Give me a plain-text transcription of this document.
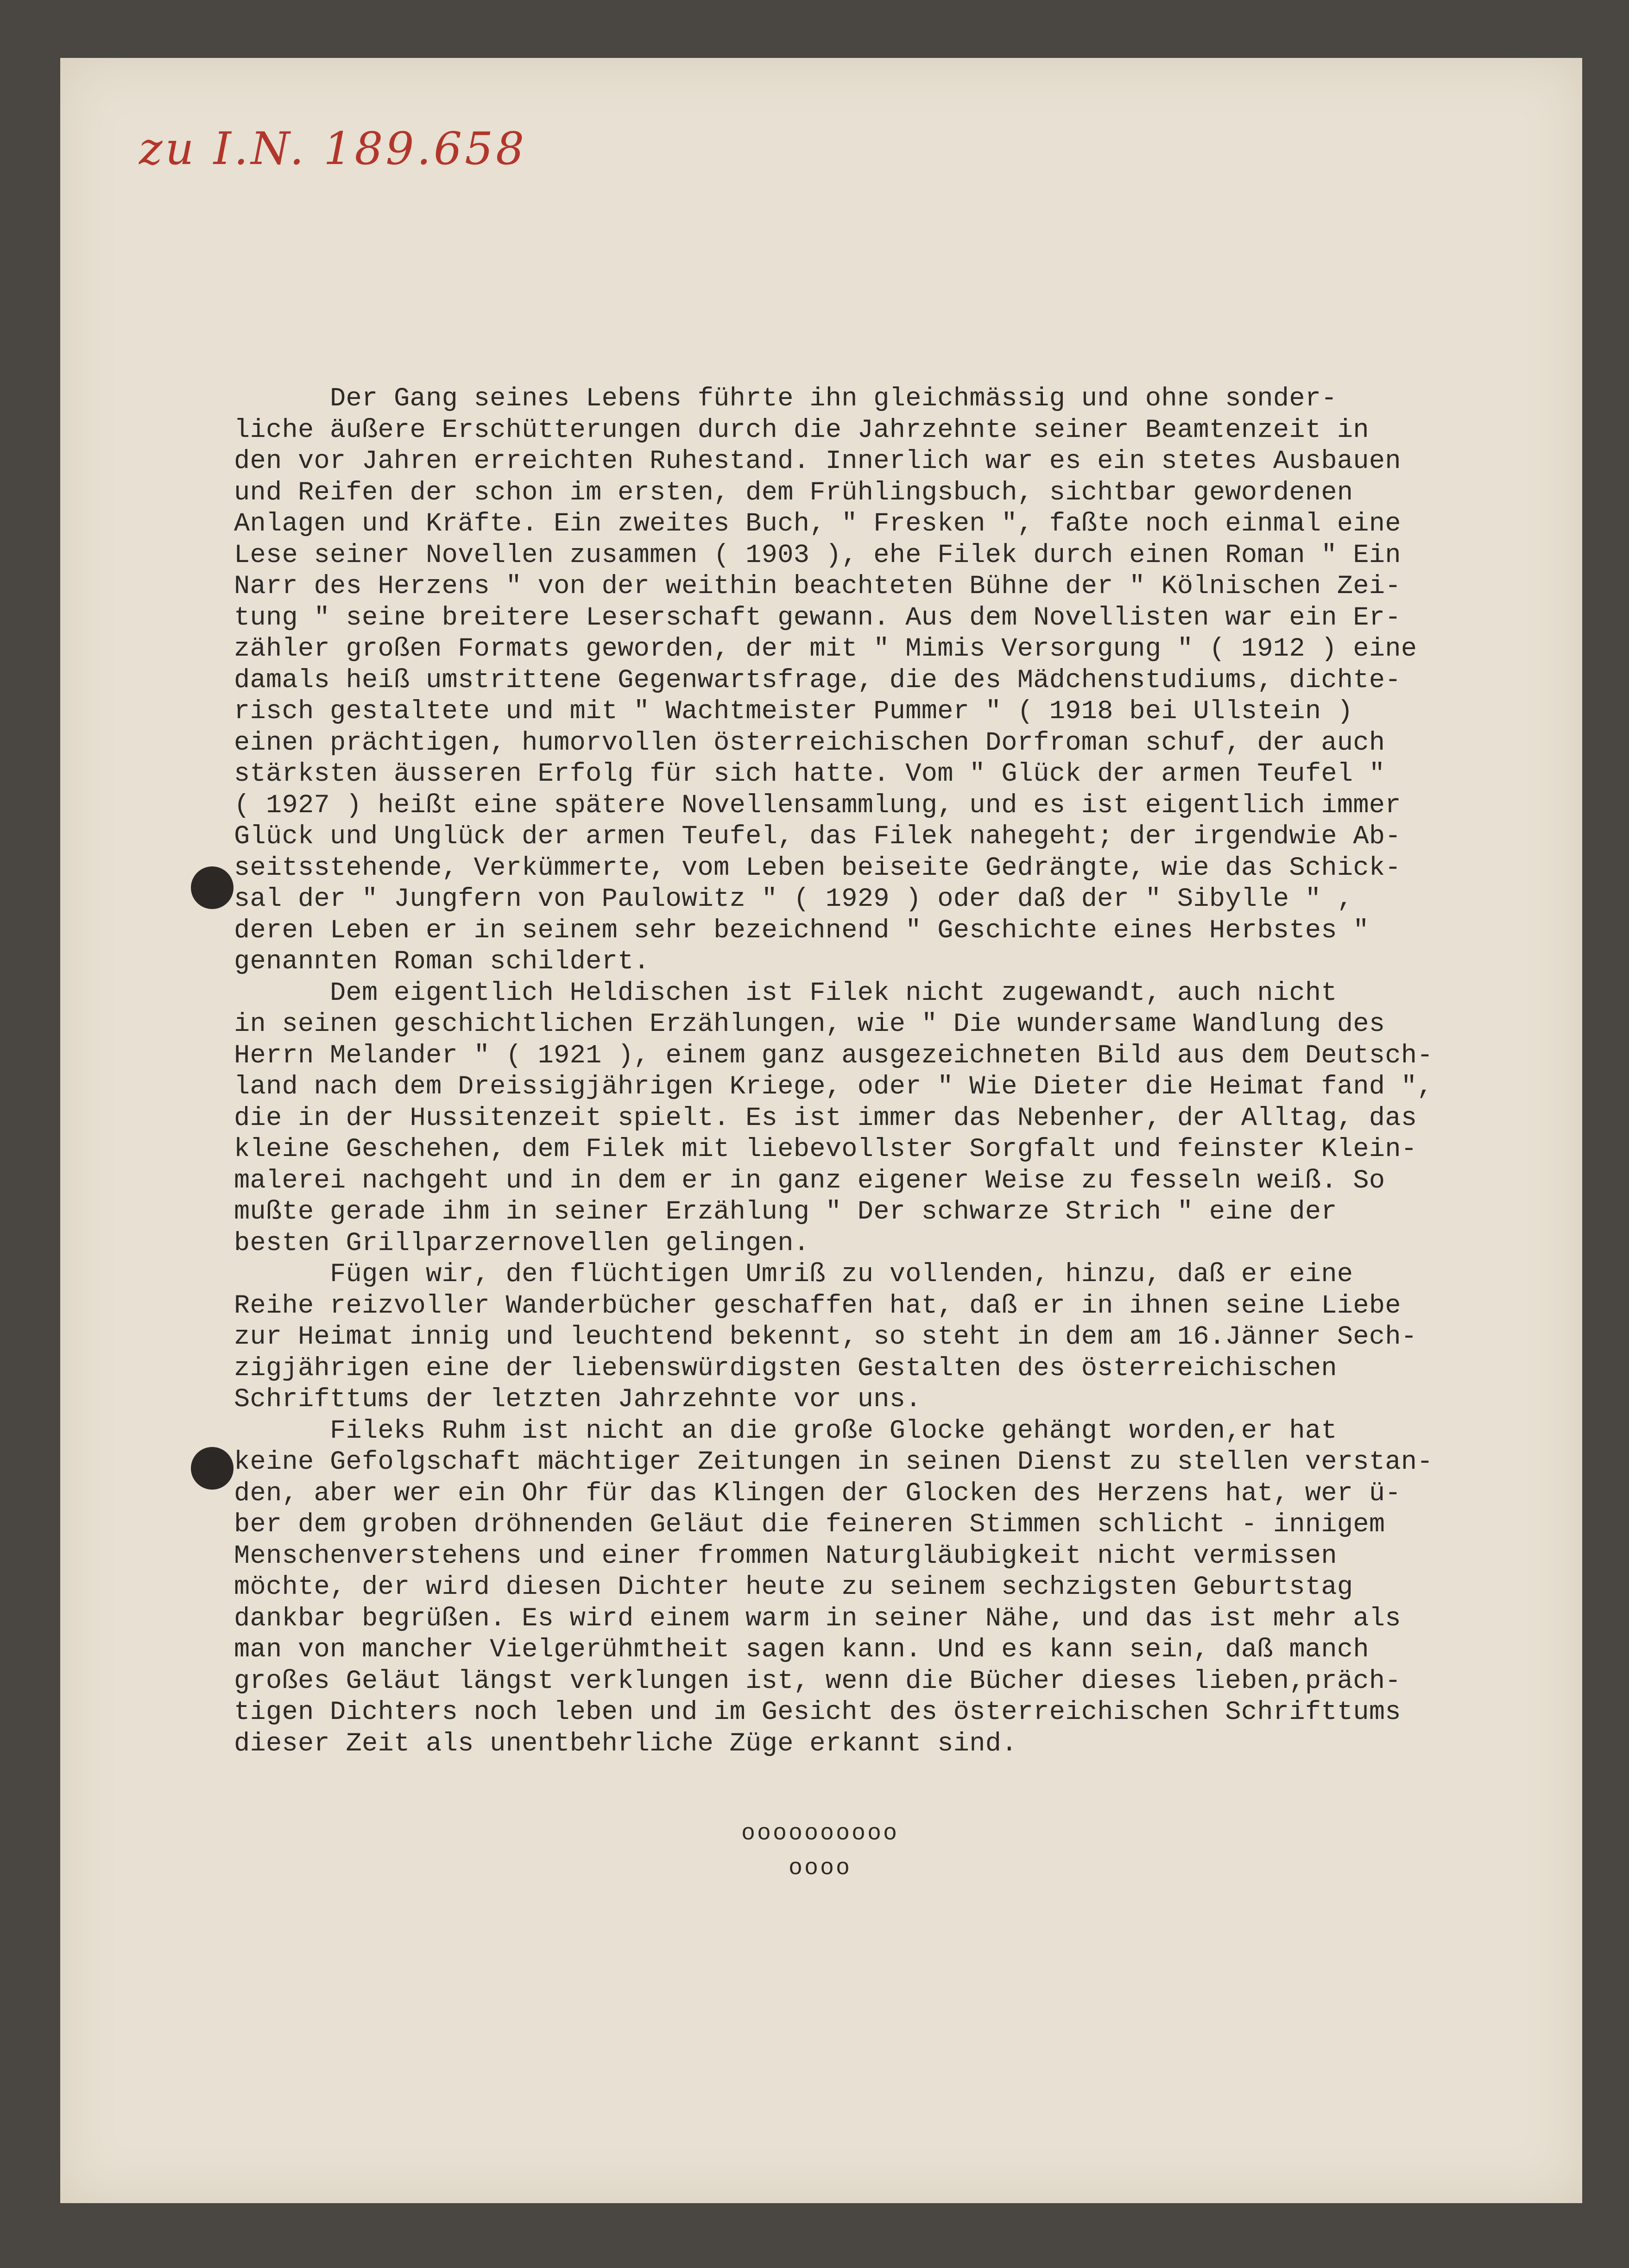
zu I.N. 189.658
Der Gang seines Lebens führte ihn gleichmässig und ohne sonder-
liche äußere Erschütterungen durch die Jahrzehnte seiner Beamtenzeit in
den vor Jahren erreichten Ruhestand. Innerlich war es ein stetes Ausbauen
und Reifen der schon im ersten, dem Frühlingsbuch, sichtbar gewordenen
Anlagen und Kräfte. Ein zweites Buch, " Fresken ", faßte noch einmal eine
Lese seiner Novellen zusammen ( 1903 ), ehe Filek durch einen Roman " Ein
Narr des Herzens " von der weithin beachteten Bühne der " Kölnischen Zei-
tung " seine breitere Leserschaft gewann. Aus dem Novellisten war ein Er-
zähler großen Formats geworden, der mit " Mimis Versorgung " ( 1912 ) eine
damals heiß umstrittene Gegenwartsfrage, die des Mädchenstudiums, dichte-
risch gestaltete und mit " Wachtmeister Pummer " ( 1918 bei Ullstein )
einen prächtigen, humorvollen österreichischen Dorfroman schuf, der auch
stärksten äusseren Erfolg für sich hatte. Vom " Glück der armen Teufel "
( 1927 ) heißt eine spätere Novellensammlung, und es ist eigentlich immer
Glück und Unglück der armen Teufel, das Filek nahegeht; der irgendwie Ab-
seitsstehende, Verkümmerte, vom Leben beiseite Gedrängte, wie das Schick-
sal der " Jungfern von Paulowitz " ( 1929 ) oder daß der " Sibylle " ,
deren Leben er in seinem sehr bezeichnend " Geschichte eines Herbstes "
genannten Roman schildert.
Dem eigentlich Heldischen ist Filek nicht zugewandt, auch nicht
in seinen geschichtlichen Erzählungen, wie " Die wundersame Wandlung des
Herrn Melander " ( 1921 ), einem ganz ausgezeichneten Bild aus dem Deutsch-
land nach dem Dreissigjährigen Kriege, oder " Wie Dieter die Heimat fand ",
die in der Hussitenzeit spielt. Es ist immer das Nebenher, der Alltag, das
kleine Geschehen, dem Filek mit liebevollster Sorgfalt und feinster Klein-
malerei nachgeht und in dem er in ganz eigener Weise zu fesseln weiß. So
mußte gerade ihm in seiner Erzählung " Der schwarze Strich " eine der
besten Grillparzernovellen gelingen.
Fügen wir, den flüchtigen Umriß zu vollenden, hinzu, daß er eine
Reihe reizvoller Wanderbücher geschaffen hat, daß er in ihnen seine Liebe
zur Heimat innig und leuchtend bekennt, so steht in dem am 16.Jänner Sech-
zigjährigen eine der liebenswürdigsten Gestalten des österreichischen
Schrifttums der letzten Jahrzehnte vor uns.
Fileks Ruhm ist nicht an die große Glocke gehängt worden,er hat
keine Gefolgschaft mächtiger Zeitungen in seinen Dienst zu stellen verstan-
den, aber wer ein Ohr für das Klingen der Glocken des Herzens hat, wer ü-
ber dem groben dröhnenden Geläut die feineren Stimmen schlicht - innigem
Menschenverstehens und einer frommen Naturgläubigkeit nicht vermissen
möchte, der wird diesen Dichter heute zu seinem sechzigsten Geburtstag
dankbar begrüßen. Es wird einem warm in seiner Nähe, und das ist mehr als
man von mancher Vielgerühmtheit sagen kann. Und es kann sein, daß manch
großes Geläut längst verklungen ist, wenn die Bücher dieses lieben,präch-
tigen Dichters noch leben und im Gesicht des österreichischen Schrifttums
dieser Zeit als unentbehrliche Züge erkannt sind.
oooooooooo
oooo
